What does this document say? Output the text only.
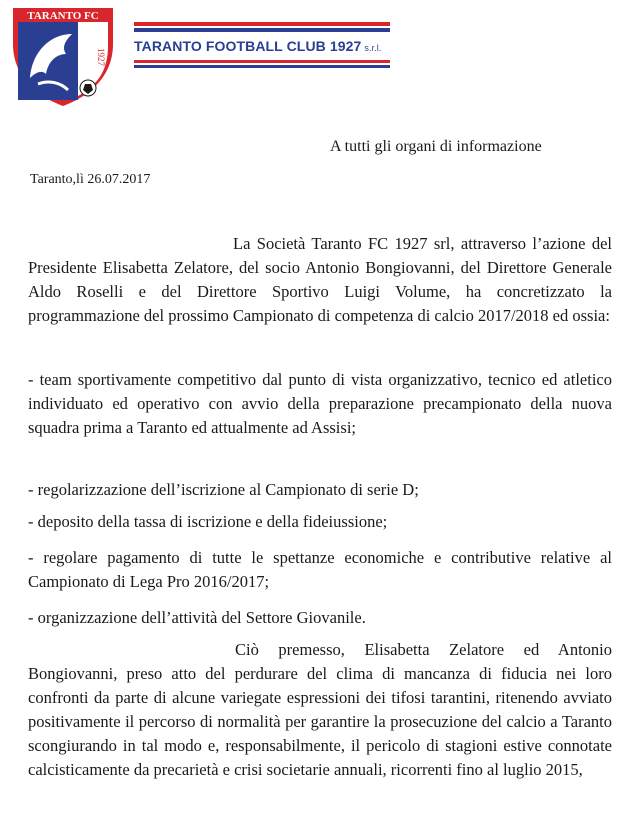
TARANTO FC
1927
TARANTO FOOTBALL CLUB 1927 s.r.l.
A tutti gli organi di informazione
Taranto,lì 26.07.2017
La Società Taranto FC 1927 srl, attraverso l’azione del Presidente Elisabetta Zelatore, del socio Antonio Bongiovanni, del Direttore Generale Aldo Roselli e del Direttore Sportivo Luigi Volume, ha concretizzato la programmazione del prossimo Campionato di competenza di calcio 2017/2018 ed ossia:
- team sportivamente competitivo dal punto di vista organizzativo, tecnico ed atletico individuato ed operativo con avvio della preparazione precampionato della nuova squadra prima a Taranto ed attualmente ad Assisi;
- regolarizzazione dell’iscrizione al Campionato di serie D;
- deposito della tassa di iscrizione e della fideiussione;
- regolare pagamento di tutte le spettanze economiche e contributive relative al Campionato di Lega Pro 2016/2017;
- organizzazione dell’attività del Settore Giovanile.
Ciò premesso, Elisabetta Zelatore ed Antonio Bongiovanni, preso atto del perdurare del clima di mancanza di fiducia nei loro confronti da parte di alcune variegate espressioni dei tifosi tarantini, ritenendo avviato positivamente il percorso di normalità per garantire la prosecuzione del calcio a Taranto scongiurando in tal modo e, responsabilmente, il pericolo di stagioni estive connotate calcisticamente da precarietà e crisi societarie annuali, ricorrenti fino al luglio 2015,
